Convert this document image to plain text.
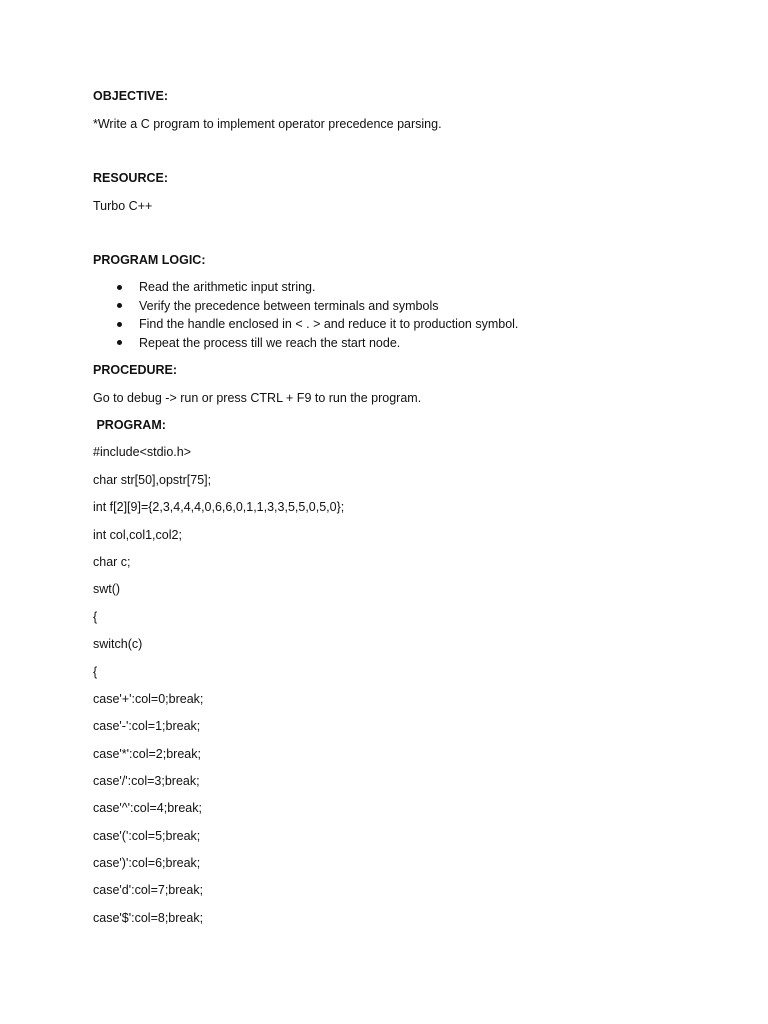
OBJECTIVE:
*Write a C program to implement operator precedence parsing.
RESOURCE:
Turbo C++
PROGRAM LOGIC:
Read the arithmetic input string.
Verify the precedence between terminals and symbols
Find the handle enclosed in < . > and reduce it to production symbol.
Repeat the process till we reach the start node.
PROCEDURE:
Go to debug -> run or press CTRL + F9 to run the program.
PROGRAM:
#include<stdio.h>
char str[50],opstr[75];
int f[2][9]={2,3,4,4,4,0,6,6,0,1,1,3,3,5,5,0,5,0};
int col,col1,col2;
char c;
swt()
{
switch(c)
{
case'+':col=0;break;
case'-':col=1;break;
case'*':col=2;break;
case'/':col=3;break;
case'^':col=4;break;
case'(':col=5;break;
case')':col=6;break;
case'd':col=7;break;
case'$':col=8;break;
